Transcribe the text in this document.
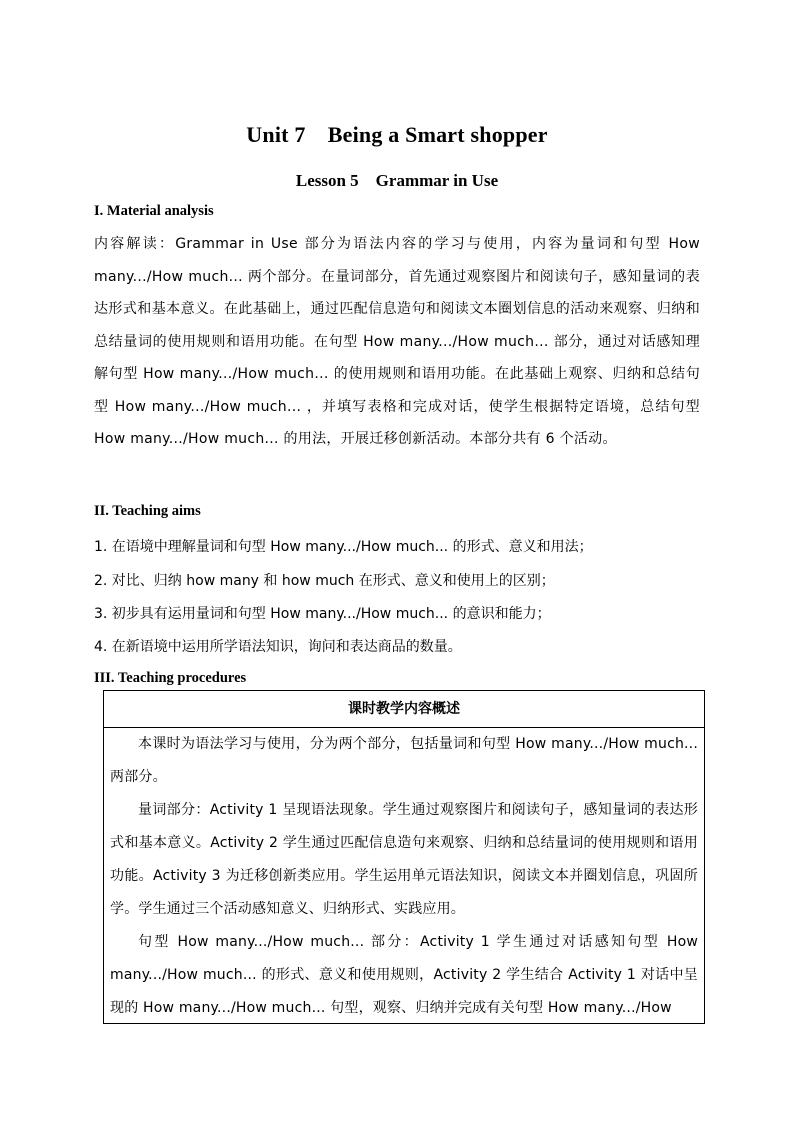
Unit 7　Being a Smart shopper
Lesson 5　Grammar in Use
I. Material analysis
内容解读：Grammar in Use 部分为语法内容的学习与使用，内容为量词和句型 How many.../How much... 两个部分。在量词部分，首先通过观察图片和阅读句子，感知量词的表达形式和基本意义。在此基础上，通过匹配信息造句和阅读文本圈划信息的活动来观察、归纳和总结量词的使用规则和语用功能。在句型 How many.../How much... 部分，通过对话感知理解句型 How many.../How much... 的使用规则和语用功能。在此基础上观察、归纳和总结句型 How many.../How much... ，并填写表格和完成对话，使学生根据特定语境，总结句型 How many.../How much... 的用法，开展迁移创新活动。本部分共有 6 个活动。
II. Teaching aims
1. 在语境中理解量词和句型 How many.../How much... 的形式、意义和用法；
2. 对比、归纳 how many 和 how much 在形式、意义和使用上的区别；
3. 初步具有运用量词和句型 How many.../How much... 的意识和能力；
4. 在新语境中运用所学语法知识，询问和表达商品的数量。
III. Teaching procedures
课时教学内容概述

本课时为语法学习与使用，分为两个部分，包括量词和句型 How many.../How much... 两部分。

量词部分：Activity 1 呈现语法现象。学生通过观察图片和阅读句子，感知量词的表达形式和基本意义。Activity 2 学生通过匹配信息造句来观察、归纳和总结量词的使用规则和语用功能。Activity 3 为迁移创新类应用。学生运用单元语法知识，阅读文本并圈划信息，巩固所学。学生通过三个活动感知意义、归纳形式、实践应用。

句型 How many.../How much... 部分：Activity 1 学生通过对话感知句型 How many.../How much... 的形式、意义和使用规则，Activity 2 学生结合 Activity 1 对话中呈现的 How many.../How much... 句型，观察、归纳并完成有关句型 How many.../How
